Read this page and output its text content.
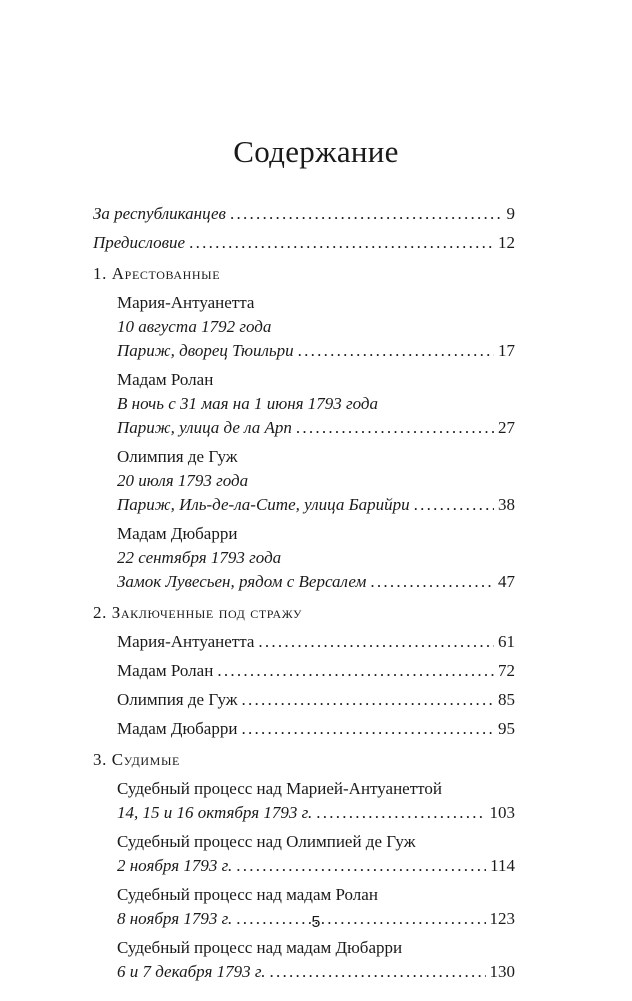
Содержание
За республиканцев . . .	9
Предисловие . . .	12
1. Арестованные
Мария-Антуанетта
10 августа 1792 года
Париж, дворец Тюильри . . .	17
Мадам Ролан
В ночь с 31 мая на 1 июня 1793 года
Париж, улица де ла Арп . . .	27
Олимпия де Гуж
20 июля 1793 года
Париж, Иль-де-ла-Сите, улица Барийри . . .	38
Мадам Дюбарри
22 сентября 1793 года
Замок Лувесьен, рядом с Версалем . . .	47
2. Заключенные под стражу
Мария-Антуанетта . . .	61
Мадам Ролан . . .	72
Олимпия де Гуж . . .	85
Мадам Дюбарри . . .	95
3. Судимые
Судебный процесс над Марией-Антуанеттой
14, 15 и 16 октября 1793 г. . . .	103
Судебный процесс над Олимпией де Гуж
2 ноября 1793 г. . . .	114
Судебный процесс над мадам Ролан
8 ноября 1793 г. . . .	123
Судебный процесс над мадам Дюбарри
6 и 7 декабря 1793 г. . . .	130
5
